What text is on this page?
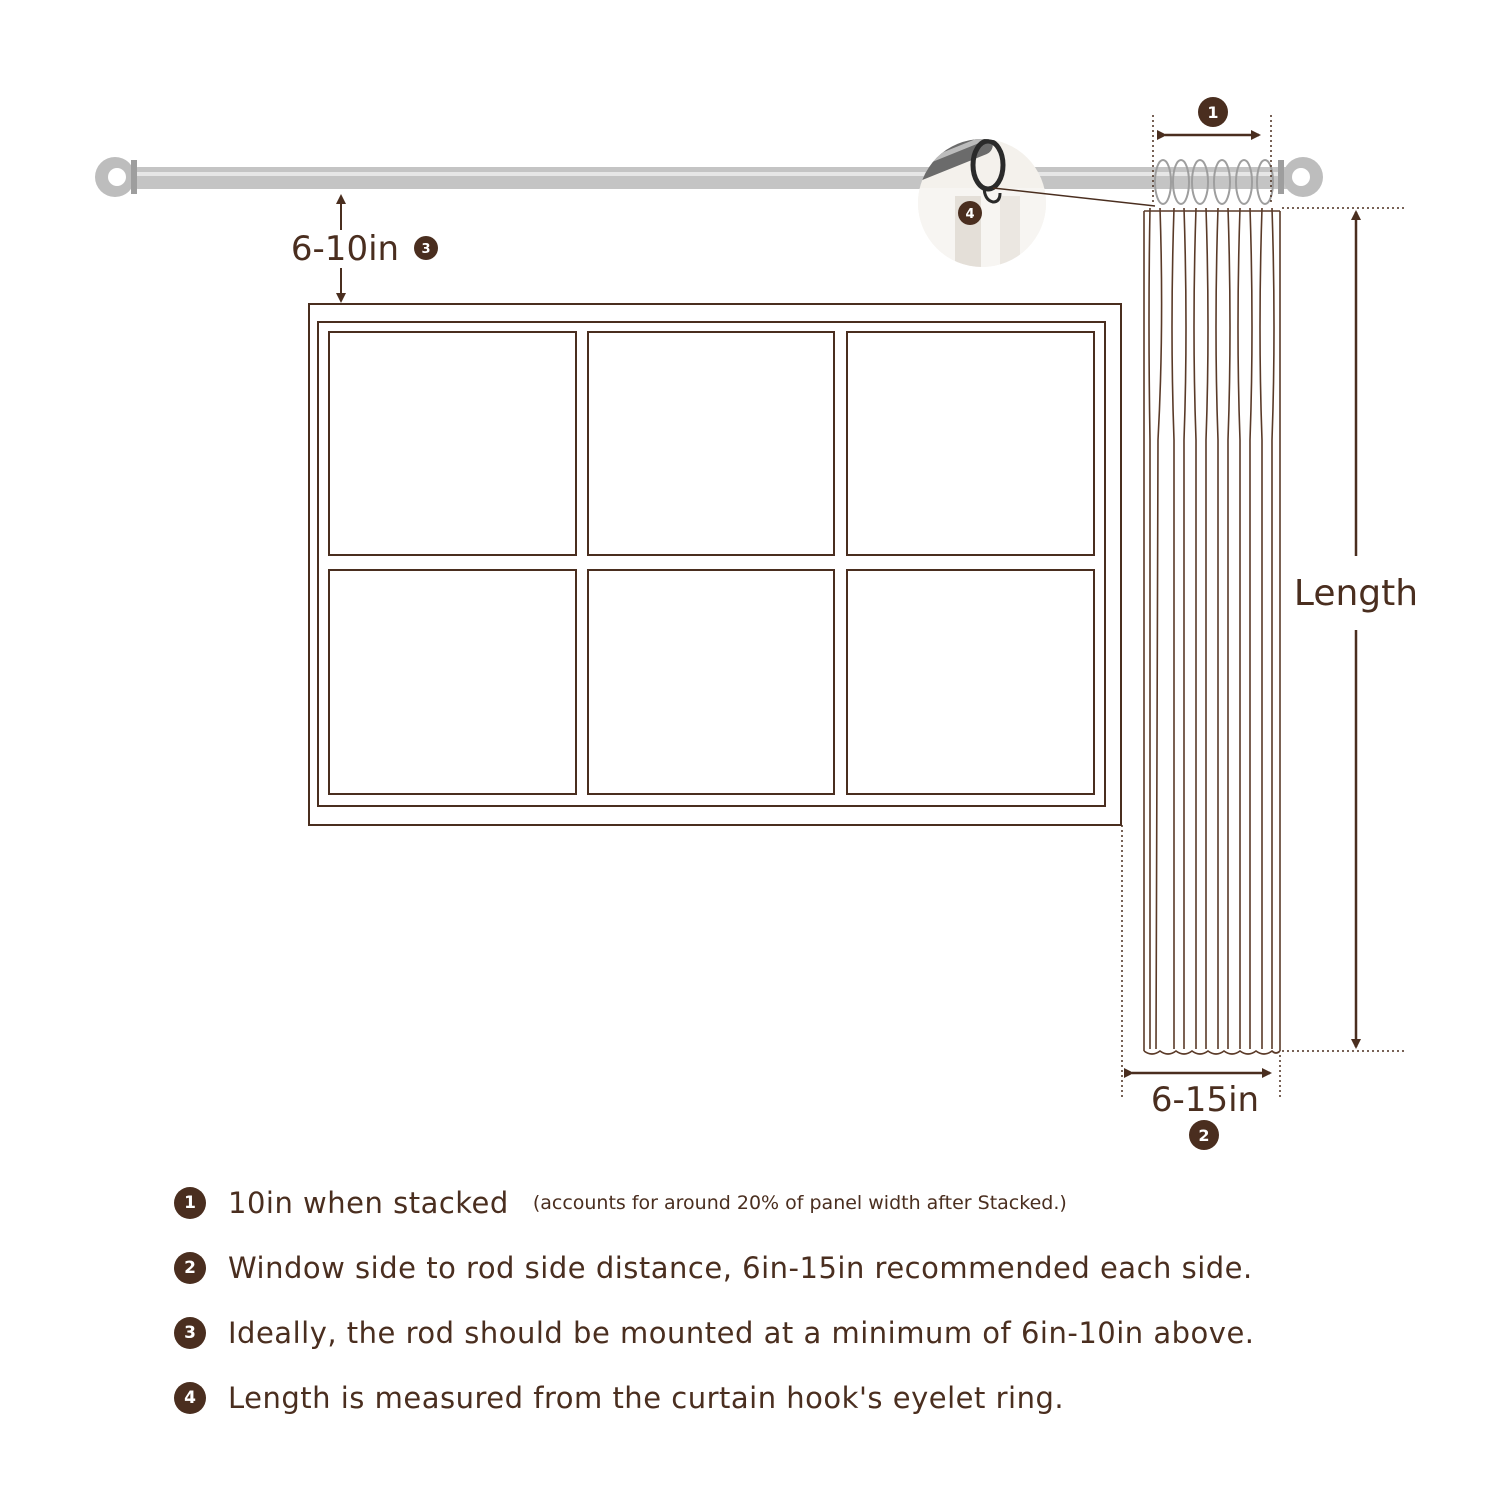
1
4
6-10in 3
Length
6-15in
2
1	10in when stacked (accounts for around 20% of panel width after Stacked.)
2	Window side to rod side distance, 6in-15in recommended each side.
3	Ideally, the rod should be mounted at a minimum of 6in-10in above.
4	Length is measured from the curtain hook's eyelet ring.
